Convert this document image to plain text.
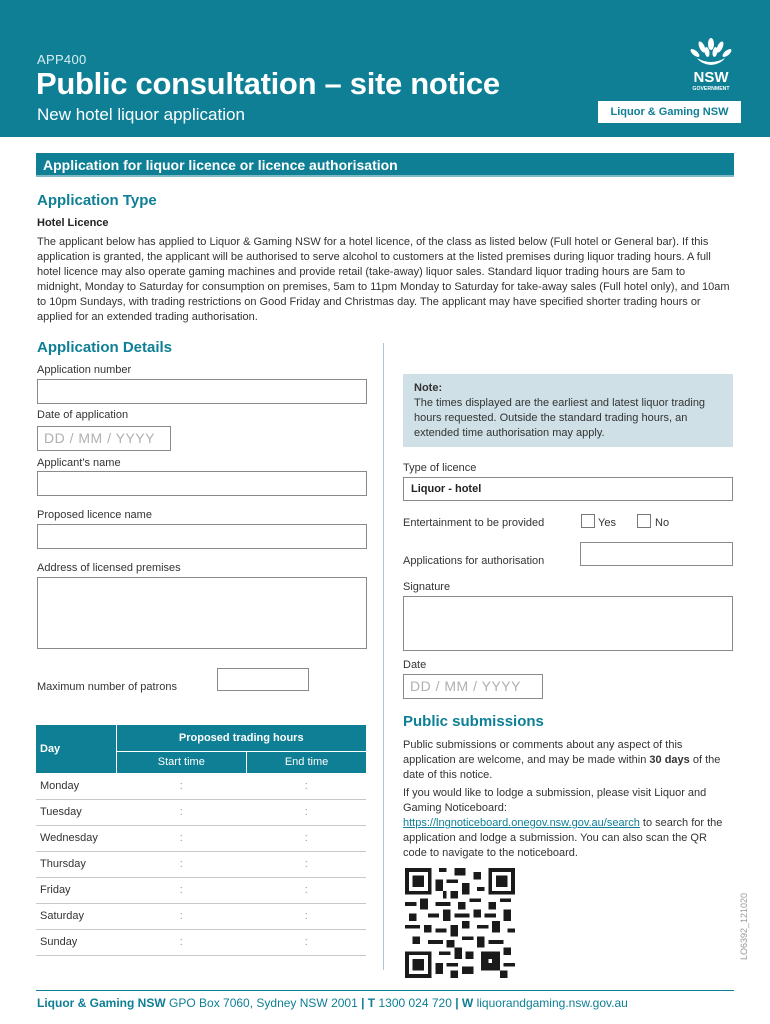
APP400
Public consultation – site notice
New hotel liquor application
NSW
GOVERNMENT
Liquor & Gaming NSW
Application for liquor licence or licence authorisation
Application Type
Hotel Licence
The applicant below has applied to Liquor & Gaming NSW for a hotel licence, of the class as listed below (Full hotel or General bar). If this application is granted, the applicant will be authorised to serve alcohol to customers at the listed premises during liquor trading hours. A full hotel licence may also operate gaming machines and provide retail (take-away) liquor sales. Standard liquor trading hours are 5am to midnight, Monday to Saturday for consumption on premises, 5am to 11pm Monday to Saturday for take-away sales (Full hotel only), and 10am to 10pm Sundays, with trading restrictions on Good Friday and Christmas day. The applicant may have specified shorter trading hours or applied for an extended trading authorisation.
Application Details
Application number
Date of application
DD / MM / YYYY
Applicant’s name
Proposed licence name
Address of licensed premises
Maximum number of patrons
Day	Proposed trading hours	
	Start time	End time
Monday	:	:
Tuesday	:	:
Wednesday	:	:
Thursday	:	:
Friday	:	:
Saturday	:	:
Sunday	:	:
Note:
The times displayed are the earliest and latest liquor trading hours requested. Outside the standard trading hours, an extended time authorisation may apply.
Type of licence
Liquor - hotel
Entertainment to be provided	Yes	No
Applications for authorisation
Signature
Date
DD / MM / YYYY
Public submissions
Public submissions or comments about any aspect of this application are welcome, and may be made within 30 days of the date of this notice.
If you would like to lodge a submission, please visit Liquor and Gaming Noticeboard: https://lngnoticeboard.onegov.nsw.gov.au/search to search for the application and lodge a submission. You can also scan the QR code to navigate to the noticeboard.
Liquor & Gaming NSW GPO Box 7060, Sydney NSW 2001 | T 1300 024 720 | W liquorandgaming.nsw.gov.au
LO6392_121020
